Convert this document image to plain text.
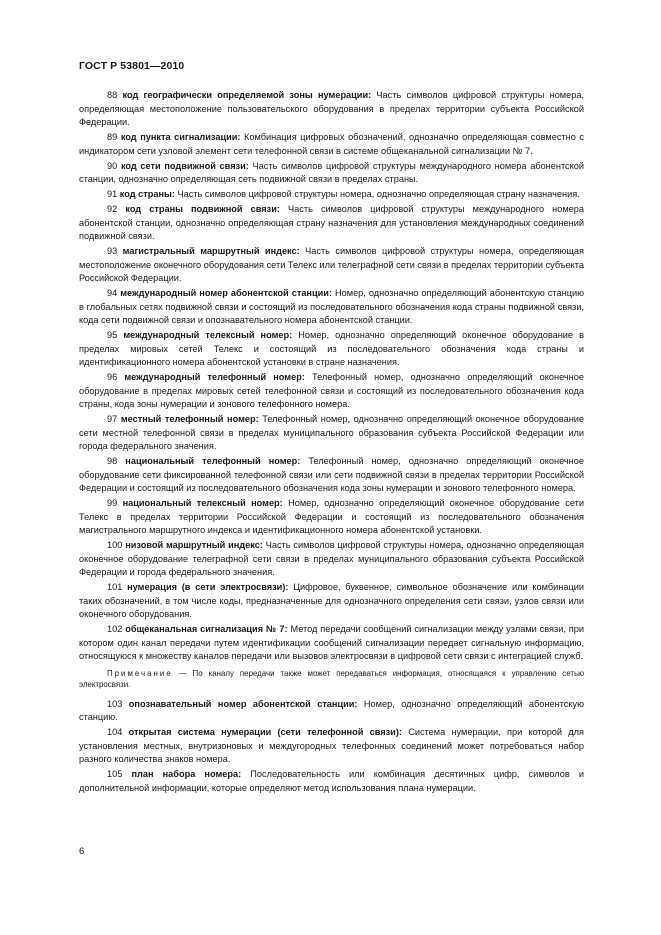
ГОСТ Р 53801—2010

88 код географически определяемой зоны нумерации: Часть символов цифровой структуры номера, определяющая местоположение пользовательского оборудования в пределах территории субъекта Российской Федерации.

89 код пункта сигнализации: Комбинация цифровых обозначений, однозначно определяющая совместно с индикатором сети узловой элемент сети телефонной связи в системе общеканальной сигнализации № 7.

90 код сети подвижной связи: Часть символов цифровой структуры международного номера абонентской станции, однозначно определяющая сеть подвижной связи в пределах страны.

91 код страны: Часть символов цифровой структуры номера, однозначно определяющая страну назначения.

92 код страны подвижной связи: Часть символов цифровой структуры международного номера абонентской станции, однозначно определяющая страну назначения для установления международных соединений подвижной связи.

93 магистральный маршрутный индекс: Часть символов цифровой структуры номера, определяющая местоположение оконечного оборудования сети Телекс или телеграфной сети связи в пределах территории субъекта Российской Федерации.

94 международный номер абонентской станции: Номер, однозначно определяющий абонентскую станцию в глобальных сетях подвижной связи и состоящий из последовательного обозначения кода страны подвижной связи, кода сети подвижной связи и опознавательного номера абонентской станции.

95 международный телексный номер: Номер, однозначно определяющий оконечное оборудование в пределах мировых сетей Телекс и состоящий из последовательного обозначения кода страны и идентификационного номера абонентской установки в стране назначения.

96 международный телефонный номер: Телефонный номер, однозначно определяющий оконечное оборудование в пределах мировых сетей телефонной связи и состоящий из последовательного обозначения кода страны, кода зоны нумерации и зонового телефонного номера.

97 местный телефонный номер: Телефонный номер, однозначно определяющий оконечное оборудование сети местной телефонной связи в пределах муниципального образования субъекта Российской Федерации или города федерального значения.

98 национальный телефонный номер: Телефонный номер, однозначно определяющий оконечное оборудование сети фиксированной телефонной связи или сети подвижной связи в пределах территории Российской Федерации и состоящий из последовательного обозначения кода зоны нумерации и зонового телефонного номера.

99 национальный телексный номер: Номер, однозначно определяющий оконечное оборудование сети Телекс в пределах территории Российской Федерации и состоящий из последовательного обозначения магистрального маршрутного индекса и идентификационного номера абонентской установки.

100 низовой маршрутный индекс: Часть символов цифровой структуры номера, однозначно определяющая оконечное оборудование телеграфной сети связи в пределах муниципального образования субъекта Российской Федерации и города федерального значения.

101 нумерация (в сети электросвязи): Цифровое, буквенное, символьное обозначение или комбинации таких обозначений, в том числе коды, предназначенные для однозначного определения сети связи, узлов связи или оконечного оборудования.

102 общеканальная сигнализация № 7: Метод передачи сообщений сигнализации между узлами связи, при котором один канал передачи путем идентификации сообщений сигнализации передает сигнальную информацию, относящуюся к множеству каналов передачи или вызовов электросвязи в цифровой сети связи с интеграцией служб.

Примечание — По каналу передачи также может передаваться информация, относящаяся к управлению сетью электросвязи.

103 опознавательный номер абонентской станции: Номер, однозначно определяющий абонентскую станцию.

104 открытая система нумерации (сети телефонной связи): Система нумерации, при которой для установления местных, внутризоновых и междугородных телефонных соединений может потребоваться набор разного количества знаков номера.

105 план набора номера: Последовательность или комбинация десятичных цифр, символов и дополнительной информации, которые определяют метод использования плана нумерации.

6
